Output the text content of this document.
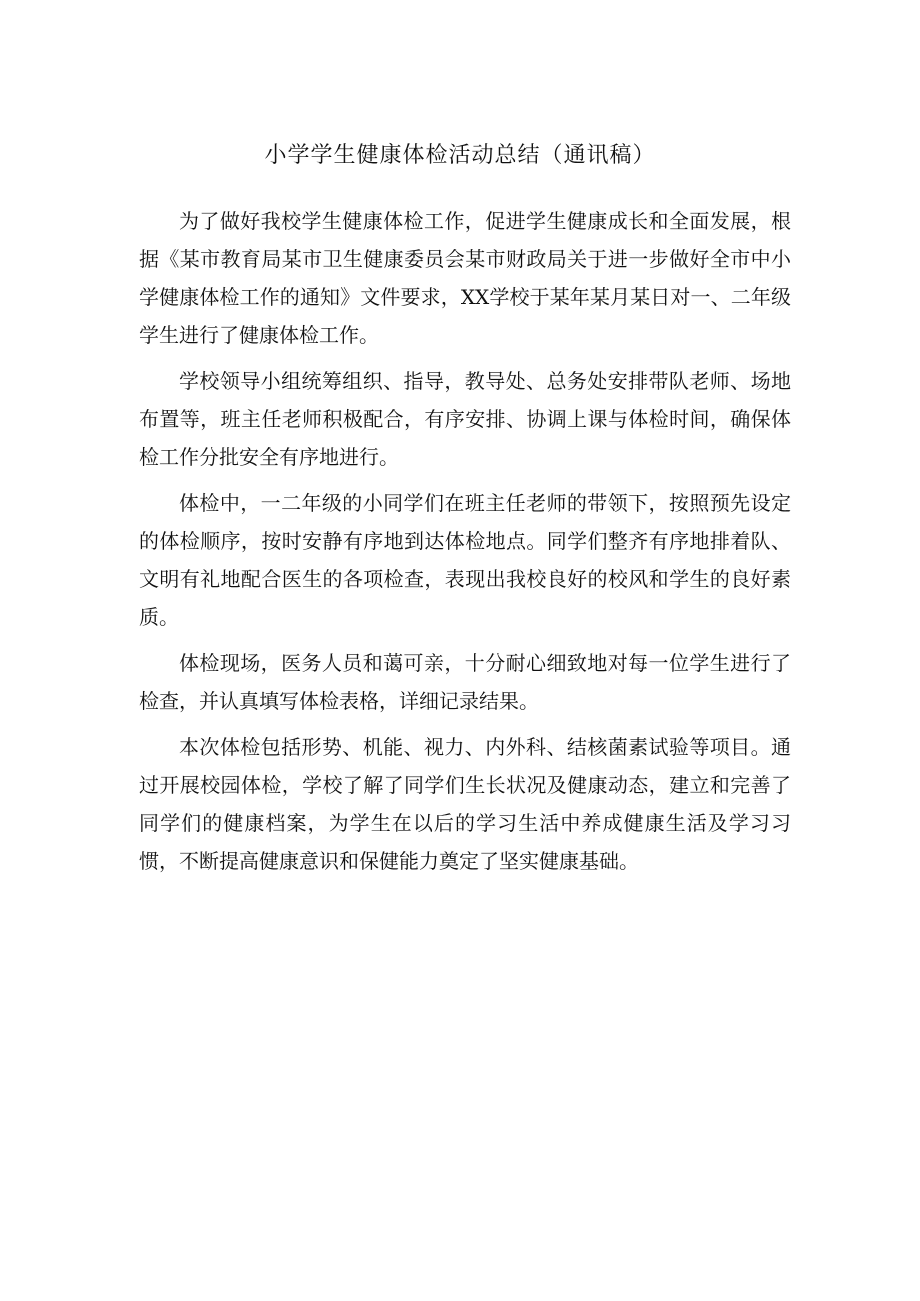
小学学生健康体检活动总结（通讯稿）

为了做好我校学生健康体检工作，促进学生健康成长和全面发展，根据《某市教育局某市卫生健康委员会某市财政局关于进一步做好全市中小学健康体检工作的通知》文件要求，XX学校于某年某月某日对一、二年级学生进行了健康体检工作。

学校领导小组统筹组织、指导，教导处、总务处安排带队老师、场地布置等，班主任老师积极配合，有序安排、协调上课与体检时间，确保体检工作分批安全有序地进行。

体检中，一二年级的小同学们在班主任老师的带领下，按照预先设定的体检顺序，按时安静有序地到达体检地点。同学们整齐有序地排着队、文明有礼地配合医生的各项检查，表现出我校良好的校风和学生的良好素质。

体检现场，医务人员和蔼可亲，十分耐心细致地对每一位学生进行了检查，并认真填写体检表格，详细记录结果。

本次体检包括形势、机能、视力、内外科、结核菌素试验等项目。通过开展校园体检，学校了解了同学们生长状况及健康动态，建立和完善了同学们的健康档案，为学生在以后的学习生活中养成健康生活及学习习惯，不断提高健康意识和保健能力奠定了坚实健康基础。
